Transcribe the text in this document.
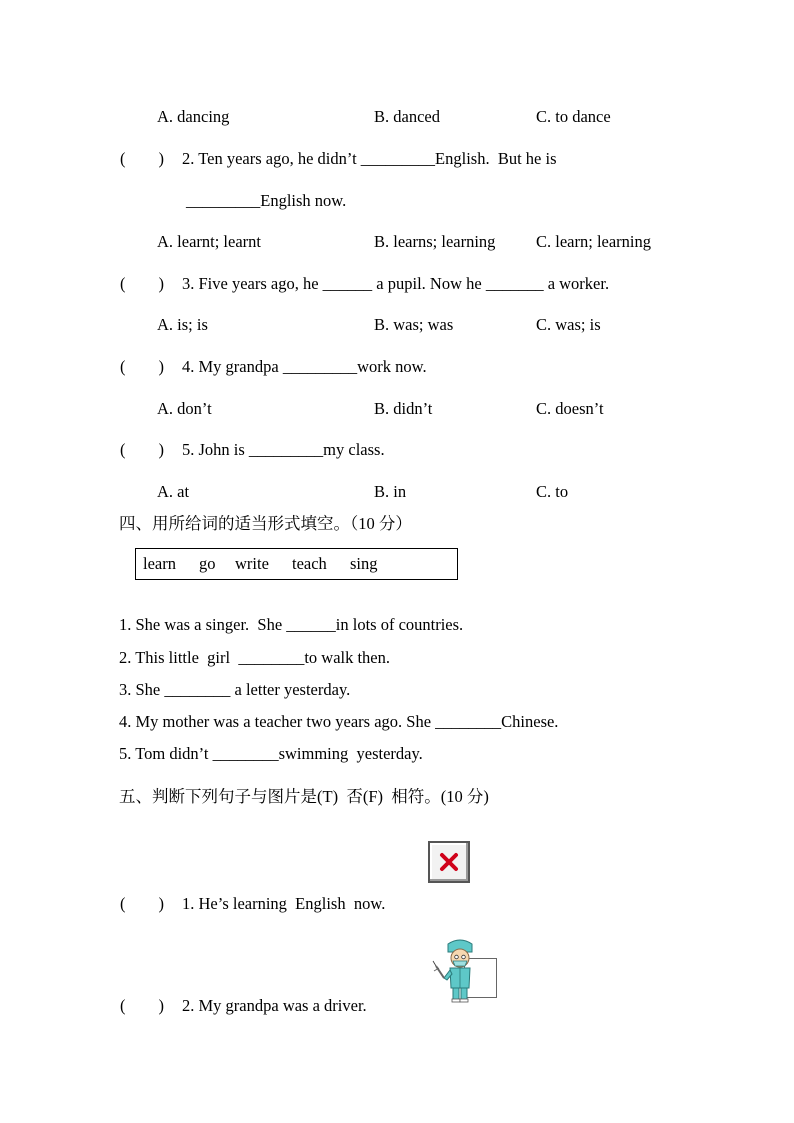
A. dancing	B. danced	C. to dance
(        ) 2. Ten years ago, he didn’t _________English.  But he is
_________English now.
A. learnt; learnt	B. learns; learning C. learn; learning
(        ) 3. Five years ago, he ______ a pupil. Now he _______ a worker.
A. is; is	B. was; was	C. was; is
(        ) 4. My grandpa _________work now.
A. don’t	B. didn’t	C. doesn’t
(        ) 5. John is _________my class.
A. at	B. in	C. to
四、用所给词的适当形式填空。（10 分）
learn go write teach sing
1. She was a singer.  She ______in lots of countries.
2. This little  girl  ________to walk then.
3. She ________ a letter yesterday.
4. My mother was a teacher two years ago. She ________Chinese.
5. Tom didn’t ________swimming  yesterday.
五、判断下列句子与图片是(T)  否(F)  相符。(10 分)
(        ) 1. He’s learning  English  now.
(        ) 2. My grandpa was a driver.
